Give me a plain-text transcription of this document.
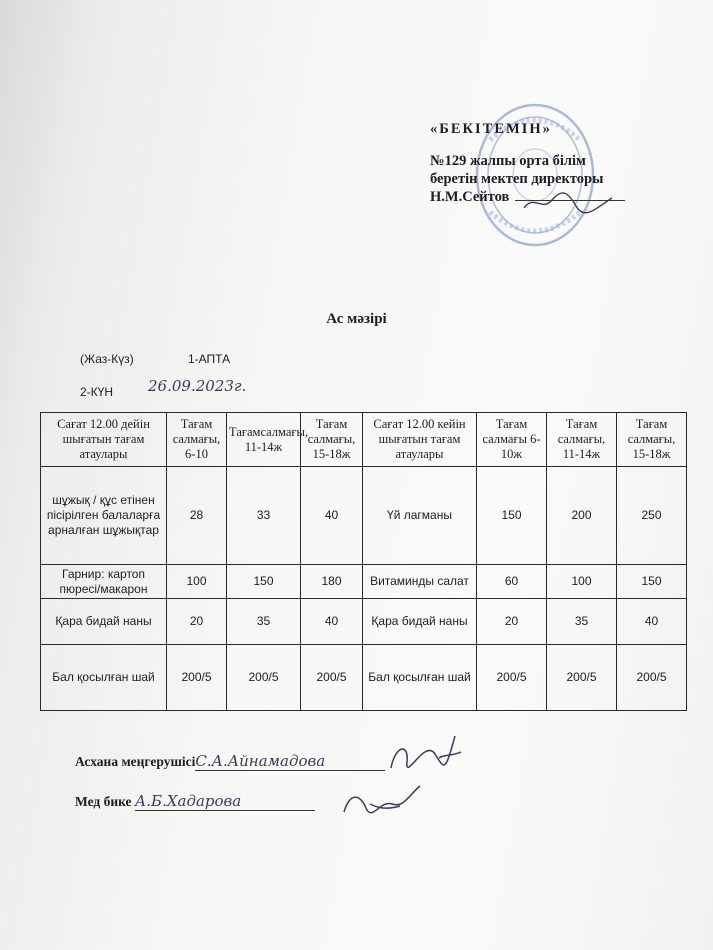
«БЕКІТЕМІН»
№129 жалпы орта білім
беретін мектеп директоры
Н.М.Сейтов
Ас мәзірі
(Жаз-Күз)	1-АПТА
2-КҮН 26.09.2023г.
Сағат 12.00 дейін шығатын тағам атаулары	Тағам салмағы, 6-10	Тағамсалмағы, 11-14ж	Тағам салмағы, 15-18ж	Сағат 12.00 кейін шығатын тағам атаулары	Тағам салмағы 6-10ж	Тағам салмағы, 11-14ж	Тағам салмағы, 15-18ж
шұжық / құс етінен пісірілген балаларға арналған шұжықтар	28	33	40	Үй лагманы	150	200	250
Гарнир: картоп пюресі/макарон	100	150	180	Витаминды салат	60	100	150
Қара бидай наны	20	35	40	Қара бидай наны	20	35	40
Бал қосылған шай	200/5	200/5	200/5	Бал қосылған шай	200/5	200/5	200/5
Асхана меңгерушісіС.А.Айнамадова
Мед бике А.Б.Хадарова
